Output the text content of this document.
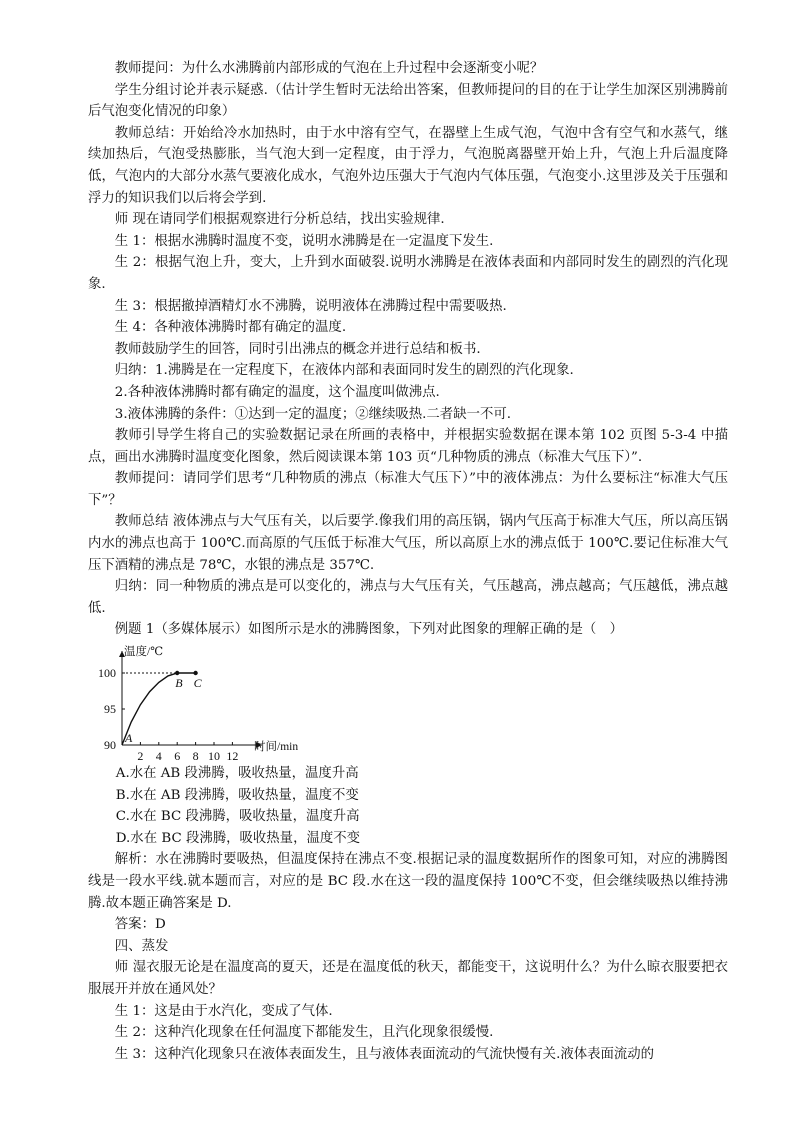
教师提问：为什么水沸腾前内部形成的气泡在上升过程中会逐渐变小呢？

学生分组讨论并表示疑惑.（估计学生暂时无法给出答案，但教师提问的目的在于让学生加深区别沸腾前后气泡变化情况的印象）

教师总结：开始给冷水加热时，由于水中溶有空气，在器壁上生成气泡，气泡中含有空气和水蒸气，继续加热后，气泡受热膨胀，当气泡大到一定程度，由于浮力，气泡脱离器壁开始上升，气泡上升后温度降低，气泡内的大部分水蒸气要液化成水，气泡外边压强大于气泡内气体压强，气泡变小.这里涉及关于压强和浮力的知识我们以后将会学到.

师 现在请同学们根据观察进行分析总结，找出实验规律.

生 1：根据水沸腾时温度不变，说明水沸腾是在一定温度下发生.

生 2：根据气泡上升，变大，上升到水面破裂.说明水沸腾是在液体表面和内部同时发生的剧烈的汽化现象.

生 3：根据撤掉酒精灯水不沸腾，说明液体在沸腾过程中需要吸热.

生 4：各种液体沸腾时都有确定的温度.

教师鼓励学生的回答，同时引出沸点的概念并进行总结和板书.

归纳：1.沸腾是在一定程度下，在液体内部和表面同时发生的剧烈的汽化现象.

2.各种液体沸腾时都有确定的温度，这个温度叫做沸点.

3.液体沸腾的条件：①达到一定的温度；②继续吸热.二者缺一不可.

教师引导学生将自己的实验数据记录在所画的表格中，并根据实验数据在课本第 102 页图 5-3-4 中描点，画出水沸腾时温度变化图象，然后阅读课本第 103 页“几种物质的沸点（标准大气压下）”.

教师提问：请同学们思考“几种物质的沸点（标准大气压下）”中的液体沸点：为什么要标注“标准大气压下”？

教师总结 液体沸点与大气压有关，以后要学.像我们用的高压锅，锅内气压高于标准大气压，所以高压锅内水的沸点也高于 100℃.而高原的气压低于标准大气压，所以高原上水的沸点低于 100℃.要记住标准大气压下酒精的沸点是 78℃，水银的沸点是 357℃.

归纳：同一种物质的沸点是可以变化的，沸点与大气压有关，气压越高，沸点越高；气压越低，沸点越低.

例题 1（多媒体展示）如图所示是水的沸腾图象，下列对此图象的理解正确的是（　）

温度/℃
时间/min
90
95
100
2 4 6 8 10 12
A
B C

A.水在 AB 段沸腾，吸收热量，温度升高

B.水在 AB 段沸腾，吸收热量，温度不变

C.水在 BC 段沸腾，吸收热量，温度升高

D.水在 BC 段沸腾，吸收热量，温度不变

解析：水在沸腾时要吸热，但温度保持在沸点不变.根据记录的温度数据所作的图象可知，对应的沸腾图线是一段水平线.就本题而言，对应的是 BC 段.水在这一段的温度保持 100℃不变，但会继续吸热以维持沸腾.故本题正确答案是 D.

答案：D

四、蒸发

师 湿衣服无论是在温度高的夏天，还是在温度低的秋天，都能变干，这说明什么？为什么晾衣服要把衣服展开并放在通风处？

生 1：这是由于水汽化，变成了气体.

生 2：这种汽化现象在任何温度下都能发生，且汽化现象很缓慢.

生 3：这种汽化现象只在液体表面发生，且与液体表面流动的气流快慢有关.液体表面流动的
